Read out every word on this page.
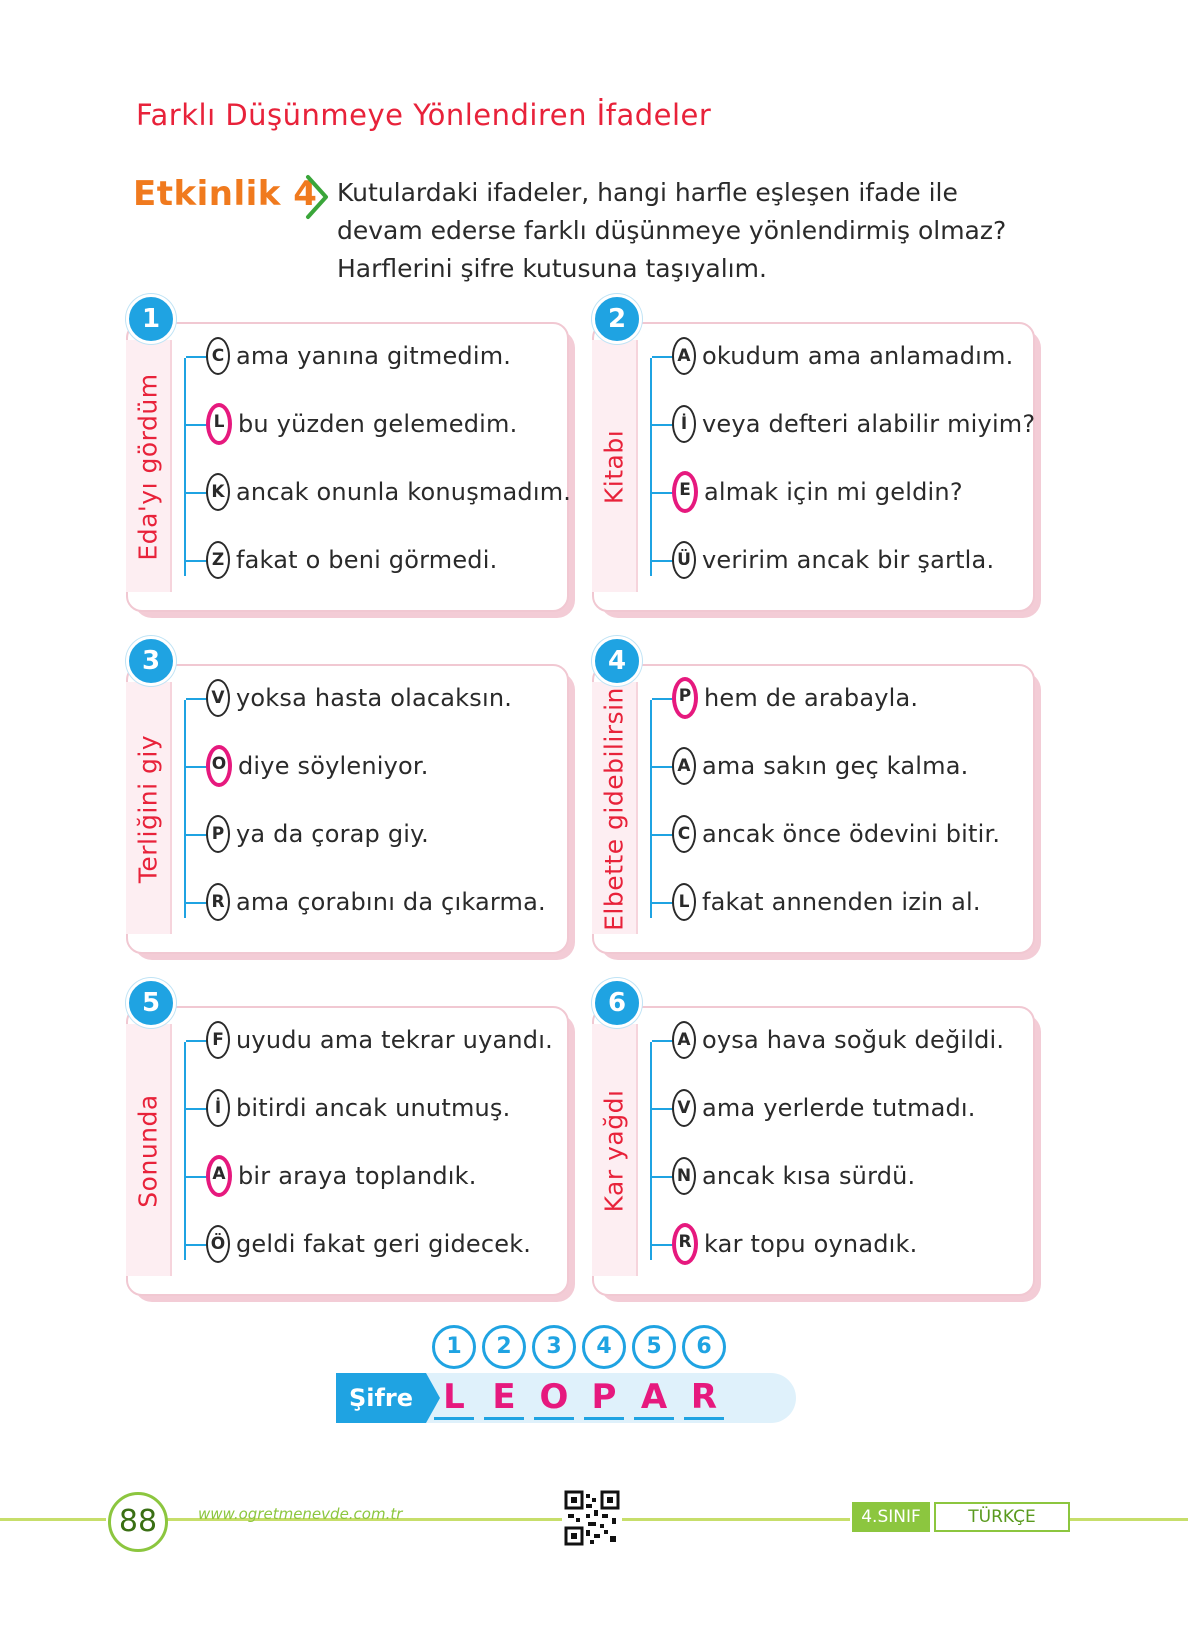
Farklı Düşünmeye Yönlendiren İfadeler
Etkinlik 4 Kutulardaki ifadeler, hangi harfle eşleşen ifade ile
devam ederse farklı düşünmeye yönlendirmiş olmaz?
Harflerini şifre kutusuna taşıyalım.
Eda'yı gördüm
1
C ama yanına gitmedim.
L bu yüzden gelemedim.
K ancak onunla konuşmadım.
Z fakat o beni görmedi.
Kitabı
2
A okudum ama anlamadım.
İ veya defteri alabilir miyim?
E almak için mi geldin?
Ü veririm ancak bir şartla.
Terliğini giy
3
V yoksa hasta olacaksın.
O diye söyleniyor.
P ya da çorap giy.
R ama çorabını da çıkarma. Elbette gidebilirsin
4
P hem de arabayla.
A ama sakın geç kalma.
C ancak önce ödevini bitir.
L fakat annenden izin al.
Sonunda
5
F uyudu ama tekrar uyandı.
İ bitirdi ancak unutmuş.
A bir araya toplandık.
Ö geldi fakat geri gidecek.
Kar yağdı
6
A oysa hava soğuk değildi.
V ama yerlerde tutmadı.
N ancak kısa sürdü.
R kar topu oynadık.
Şifre
1
L
2
E
3
O
4
P
5
A
6
R
88	www.ogretmenevde.com.tr	4.SINIF	TÜRKÇE
